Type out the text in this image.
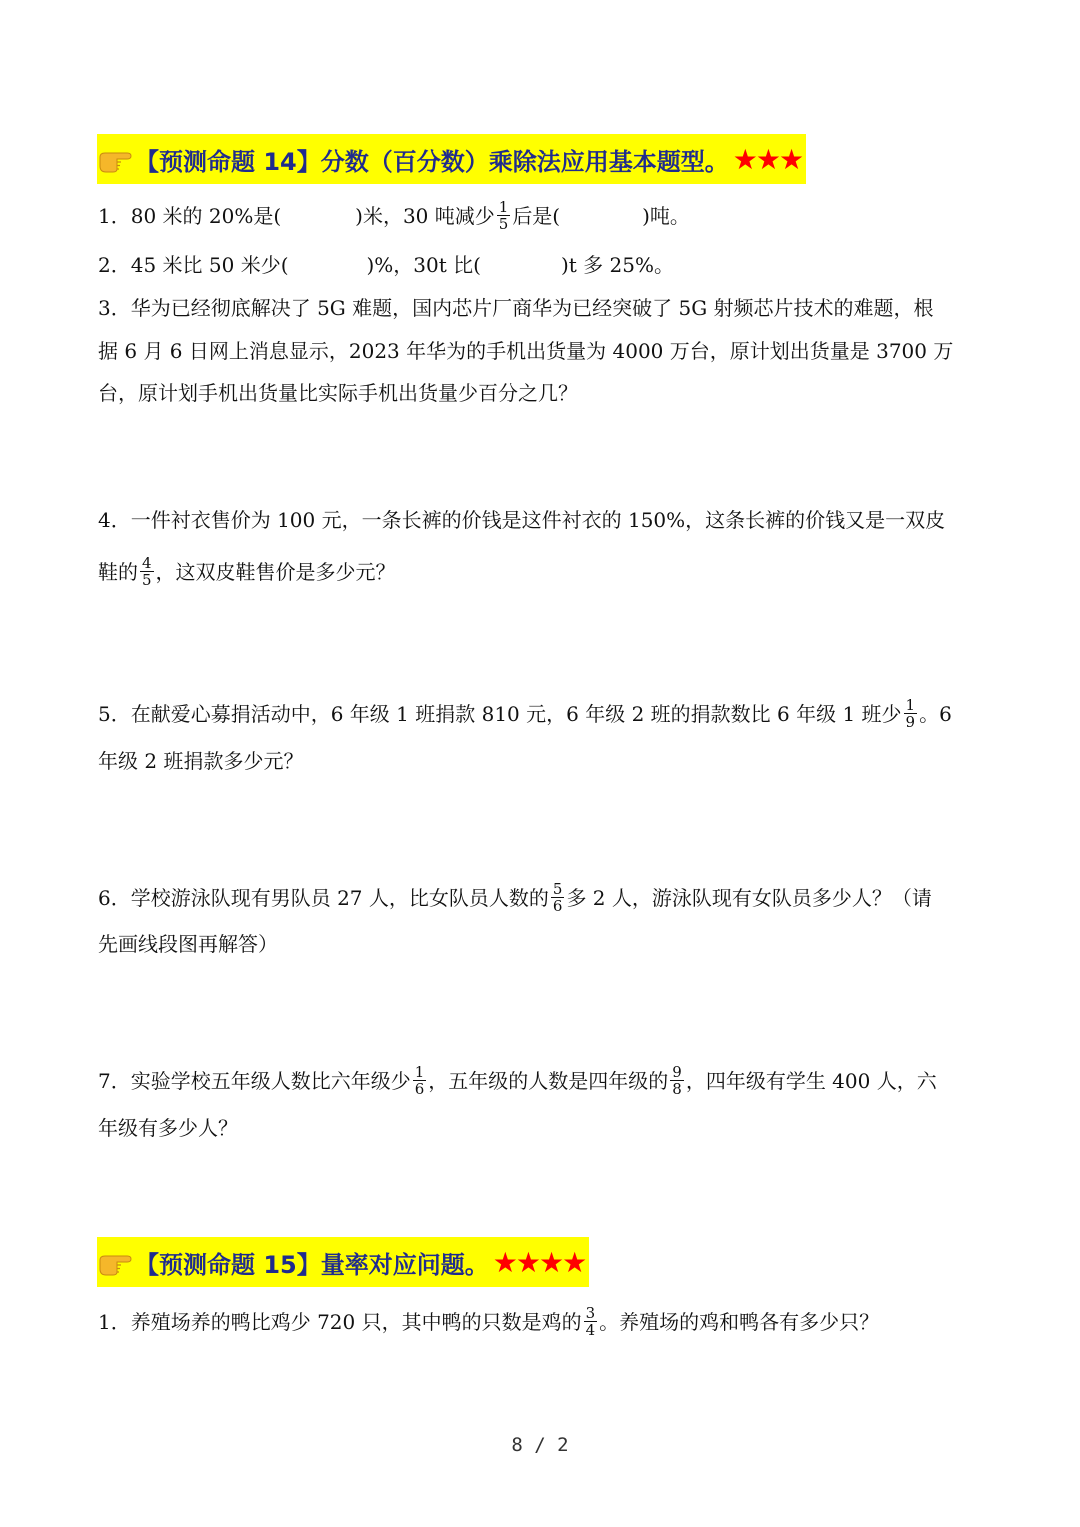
【预测命题 14】分数（百分数）乘除法应用基本题型。 ★★★
1．80 米的 20%是(	)米，30 吨减少 $\frac{1}{5}$ 后是(	)吨。
2．45 米比 50 米少(	)%，30t 比(	)t 多 25%。
3．华为已经彻底解决了 5G 难题，国内芯片厂商华为已经突破了 5G 射频芯片技术的难题，根
据 6 月 6 日网上消息显示，2023 年华为的手机出货量为 4000 万台，原计划出货量是 3700 万
台，原计划手机出货量比实际手机出货量少百分之几？
4．一件衬衣售价为 100 元，一条长裤的价钱是这件衬衣的 150%，这条长裤的价钱又是一双皮
鞋的 $\frac{4}{5}$ ，这双皮鞋售价是多少元？
5．在献爱心募捐活动中，6 年级 1 班捐款 810 元，6 年级 2 班的捐款数比 6 年级 1 班少 $\frac{1}{9}$ 。6
年级 2 班捐款多少元？
6．学校游泳队现有男队员 27 人，比女队员人数的 $\frac{5}{6}$ 多 2 人，游泳队现有女队员多少人？（请
先画线段图再解答）
7．实验学校五年级人数比六年级少 $\frac{1}{6}$ ，五年级的人数是四年级的 $\frac{9}{8}$ ，四年级有学生 400 人，六
年级有多少人？
【预测命题 15】量率对应问题。 ★★★★
1．养殖场养的鸭比鸡少 720 只，其中鸭的只数是鸡的 $\frac{3}{4}$ 。养殖场的鸡和鸭各有多少只？
8 / 2
